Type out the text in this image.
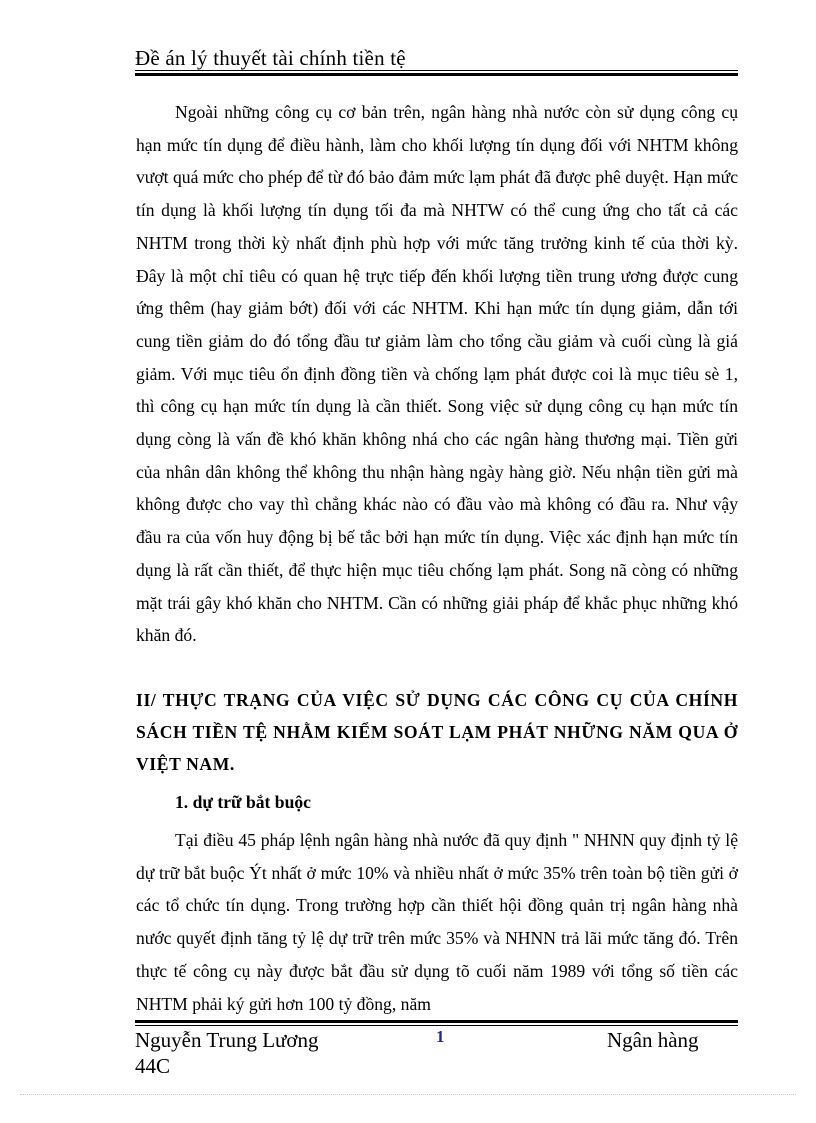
Đề án lý thuyết tài chính tiền tệ

Ngoài những công cụ cơ bản trên, ngân hàng nhà nước còn sử dụng công cụ hạn mức tín dụng để điều hành, làm cho khối lượng tín dụng đối với NHTM không vượt quá mức cho phép để từ đó bảo đảm mức lạm phát đã được phê duyệt. Hạn mức tín dụng là khối lượng tín dụng tối đa mà NHTW có thể cung ứng cho tất cả các NHTM trong thời kỳ nhất định phù hợp với mức tăng trưởng kinh tế của thời kỳ. Đây là một chỉ tiêu có quan hệ trực tiếp đến khối lượng tiền trung ương được cung ứng thêm (hay giảm bớt) đối với các NHTM. Khi hạn mức tín dụng giảm, dẫn tới cung tiền giảm do đó tổng đầu tư giảm làm cho tổng cầu giảm và cuối cùng là giá giảm. Với mục tiêu ổn định đồng tiền và chống lạm phát được coi là mục tiêu sè 1, thì công cụ hạn mức tín dụng là cần thiết. Song việc sử dụng công cụ hạn mức tín dụng còng là vấn đề khó khăn không nhá cho các ngân hàng thương mại. Tiền gửi của nhân dân không thể không thu nhận hàng ngày hàng giờ. Nếu nhận tiền gửi mà không được cho vay thì chẳng khác nào có đầu vào mà không có đầu ra. Như vậy đầu ra của vốn huy động bị bế tắc bởi hạn mức tín dụng. Việc xác định hạn mức tín dụng là rất cần thiết, để thực hiện mục tiêu chống lạm phát. Song nã còng có những mặt trái gây khó khăn cho NHTM. Cần có những giải pháp để khắc phục những khó khăn đó.

II/ THỰC TRẠNG CỦA VIỆC SỬ DỤNG CÁC CÔNG CỤ CỦA CHÍNH SÁCH TIỀN TỆ NHẰM KIỂM SOÁT LẠM PHÁT NHỮNG NĂM QUA Ở VIỆT NAM.

1. dự trữ bắt buộc

Tại điều 45 pháp lệnh ngân hàng nhà nước đã quy định " NHNN quy định tỷ lệ dự trữ bắt buộc Ýt nhất ở mức 10% và nhiều nhất ở mức 35% trên toàn bộ tiền gửi ở các tổ chức tín dụng. Trong trường hợp cần thiết hội đồng quản trị ngân hàng nhà nước quyết định tăng tỷ lệ dự trữ trên mức 35% và NHNN trả lãi mức tăng đó. Trên thực tế công cụ này được bắt đầu sử dụng tõ cuối năm 1989 với tổng số tiền các NHTM phải ký gửi hơn 100 tỷ đồng, năm

Nguyễn Trung Lương
44C
1	Ngân hàng
